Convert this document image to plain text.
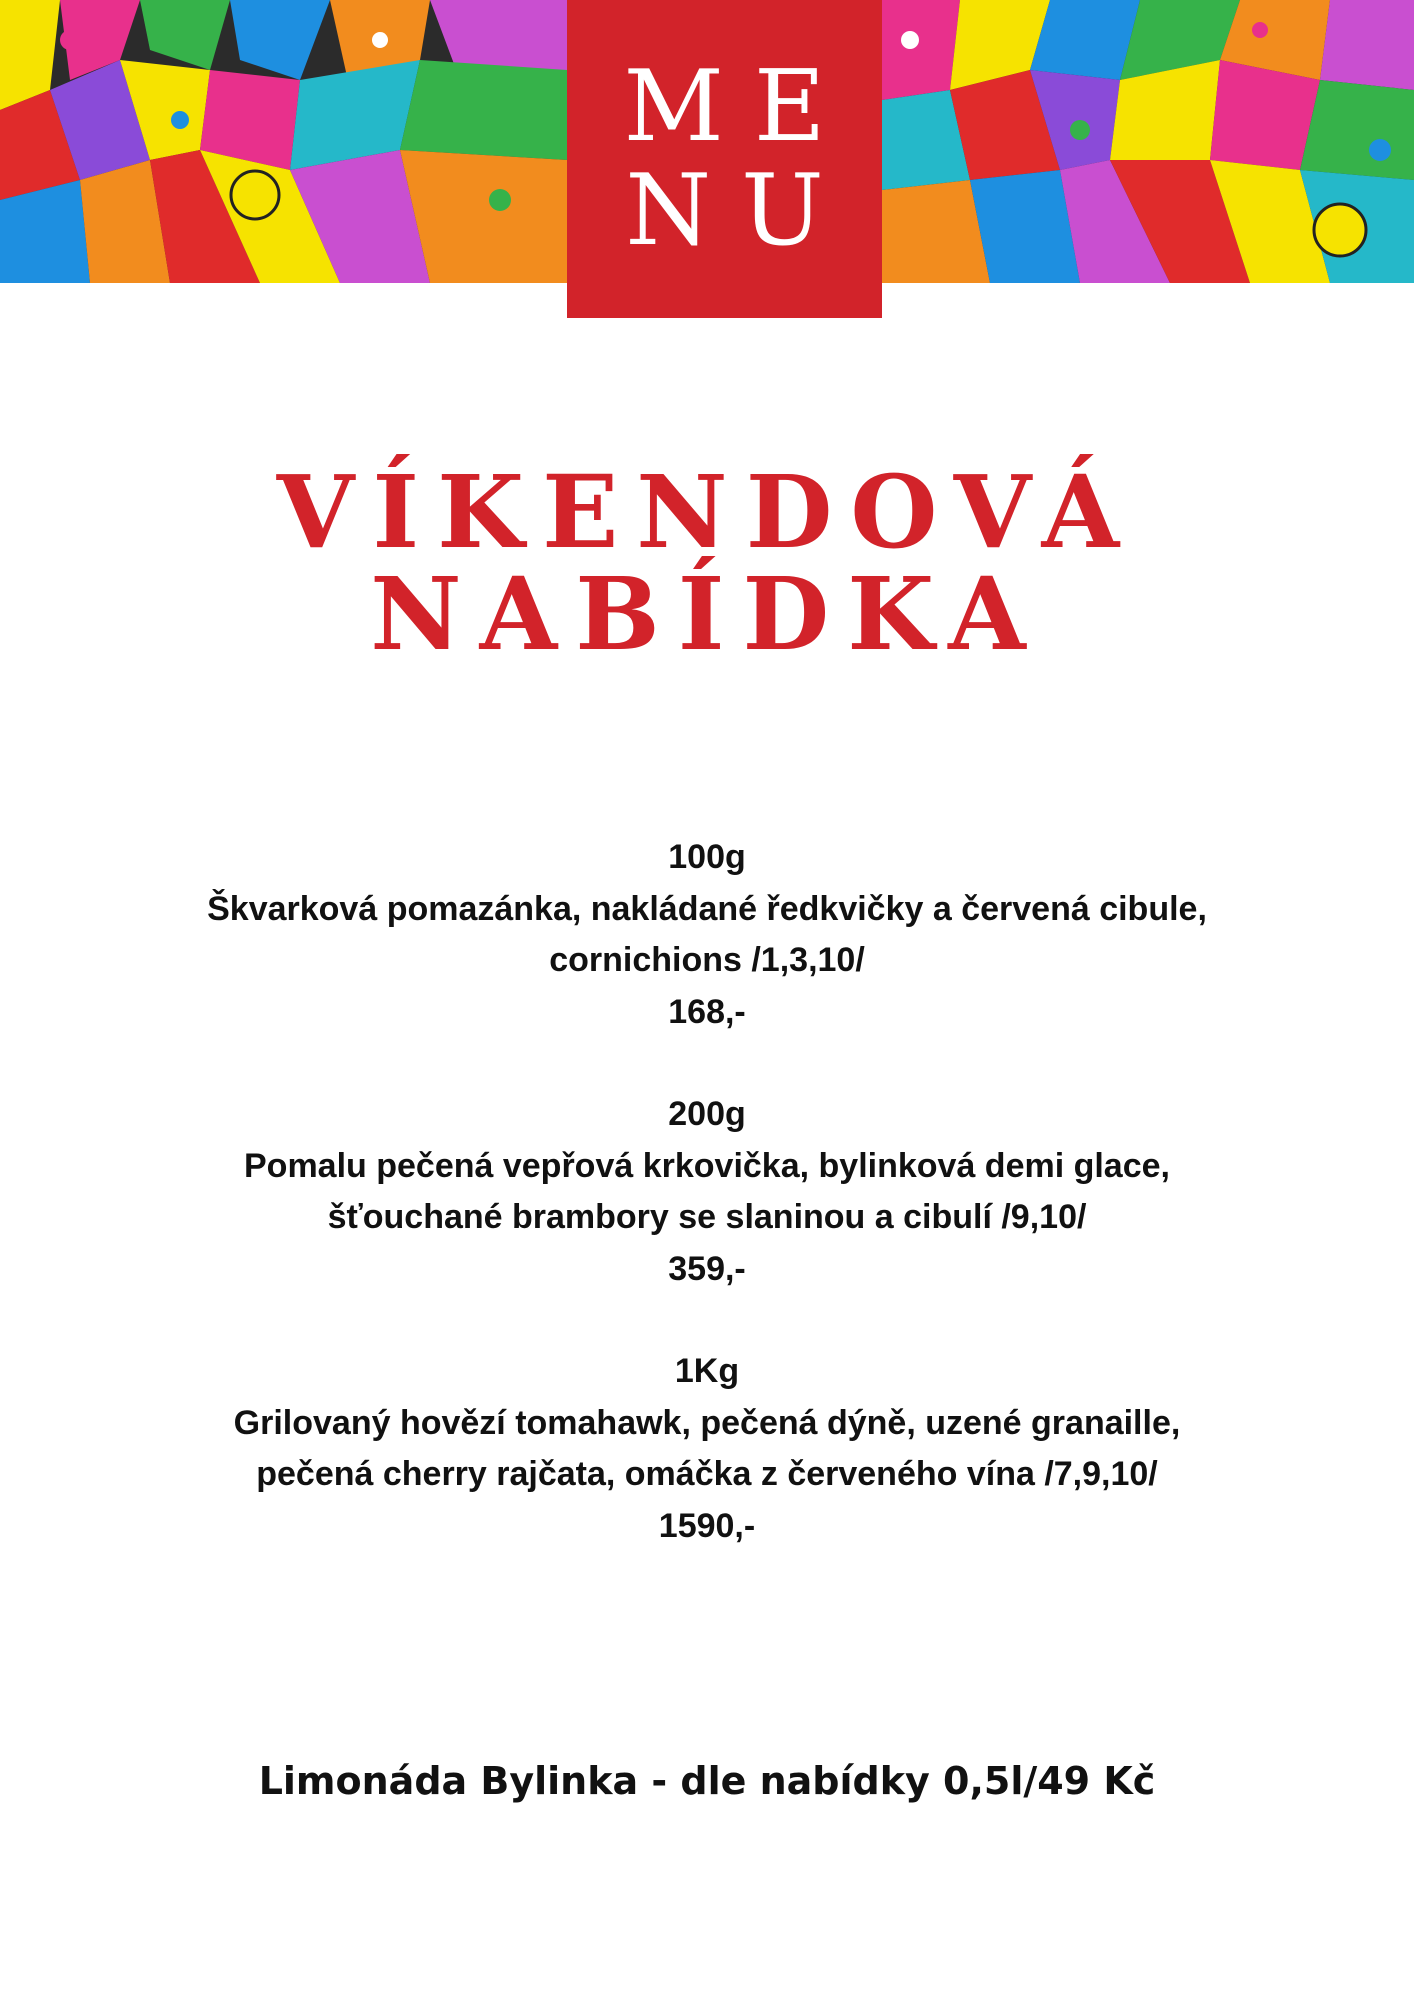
ME
NU
VÍKENDOVÁ
NABÍDKA
100g
Škvarková pomazánka, nakládané ředkvičky a červená cibule,
cornichions /1,3,10/
168,-
200g
Pomalu pečená vepřová krkovička, bylinková demi glace,
šťouchané brambory se slaninou a cibulí /9,10/
359,-
1Kg
Grilovaný hovězí tomahawk, pečená dýně, uzené granaille,
pečená cherry rajčata, omáčka z červeného vína /7,9,10/
1590,-
Limonáda Bylinka - dle nabídky 0,5l/49 Kč
